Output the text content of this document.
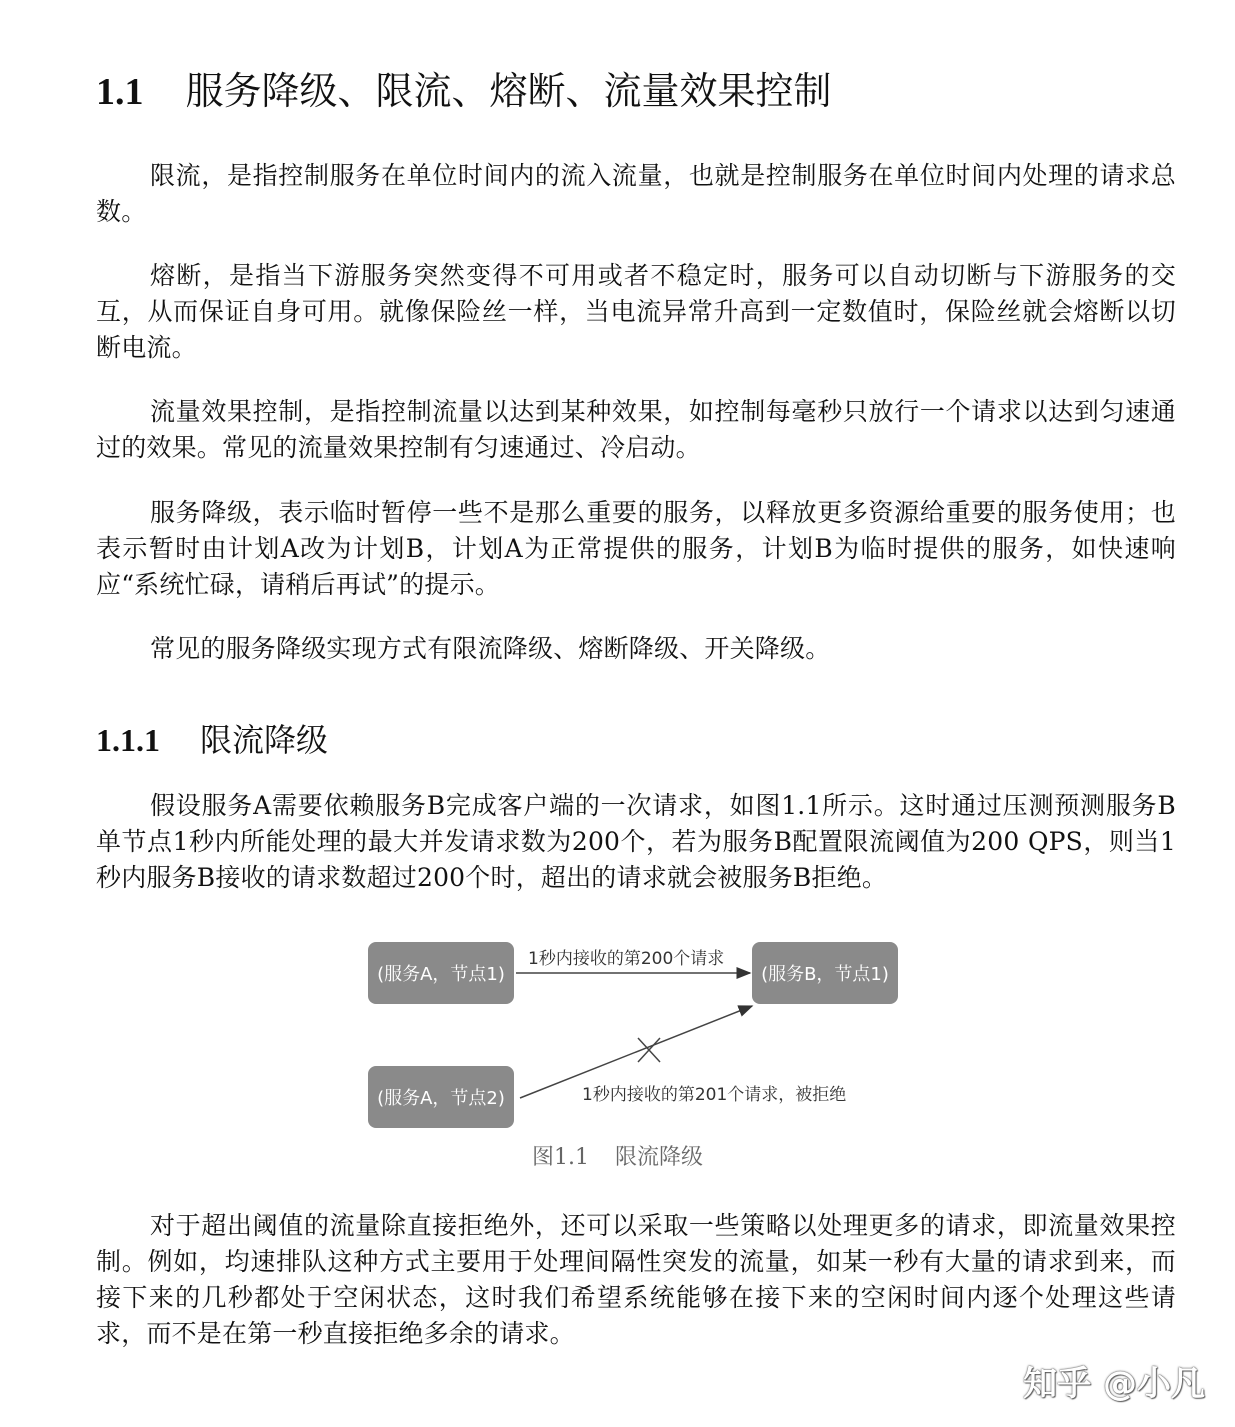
1.1 服务降级、限流、熔断、流量效果控制

限流，是指控制服务在单位时间内的流入流量，也就是控制服务在单位时间内处理的请求总数。

熔断，是指当下游服务突然变得不可用或者不稳定时，服务可以自动切断与下游服务的交互，从而保证自身可用。就像保险丝一样，当电流异常升高到一定数值时，保险丝就会熔断以切断电流。

流量效果控制，是指控制流量以达到某种效果，如控制每毫秒只放行一个请求以达到匀速通过的效果。常见的流量效果控制有匀速通过、冷启动。

服务降级，表示临时暂停一些不是那么重要的服务，以释放更多资源给重要的服务使用；也表示暂时由计划A改为计划B，计划A为正常提供的服务，计划B为临时提供的服务，如快速响应“系统忙碌，请稍后再试”的提示。

常见的服务降级实现方式有限流降级、熔断降级、开关降级。

1.1.1 限流降级

假设服务A需要依赖服务B完成客户端的一次请求，如图1.1所示。这时通过压测预测服务B单节点1秒内所能处理的最大并发请求数为200个，若为服务B配置限流阈值为200 QPS，则当1秒内服务B接收的请求数超过200个时，超出的请求就会被服务B拒绝。

(服务A，节点1)
(服务A，节点2)
(服务B，节点1)
1秒内接收的第200个请求
1秒内接收的第201个请求，被拒绝
图1.1 限流降级

对于超出阈值的流量除直接拒绝外，还可以采取一些策略以处理更多的请求，即流量效果控制。例如，均速排队这种方式主要用于处理间隔性突发的流量，如某一秒有大量的请求到来，而接下来的几秒都处于空闲状态，这时我们希望系统能够在接下来的空闲时间内逐个处理这些请求，而不是在第一秒直接拒绝多余的请求。

知乎 @小凡
